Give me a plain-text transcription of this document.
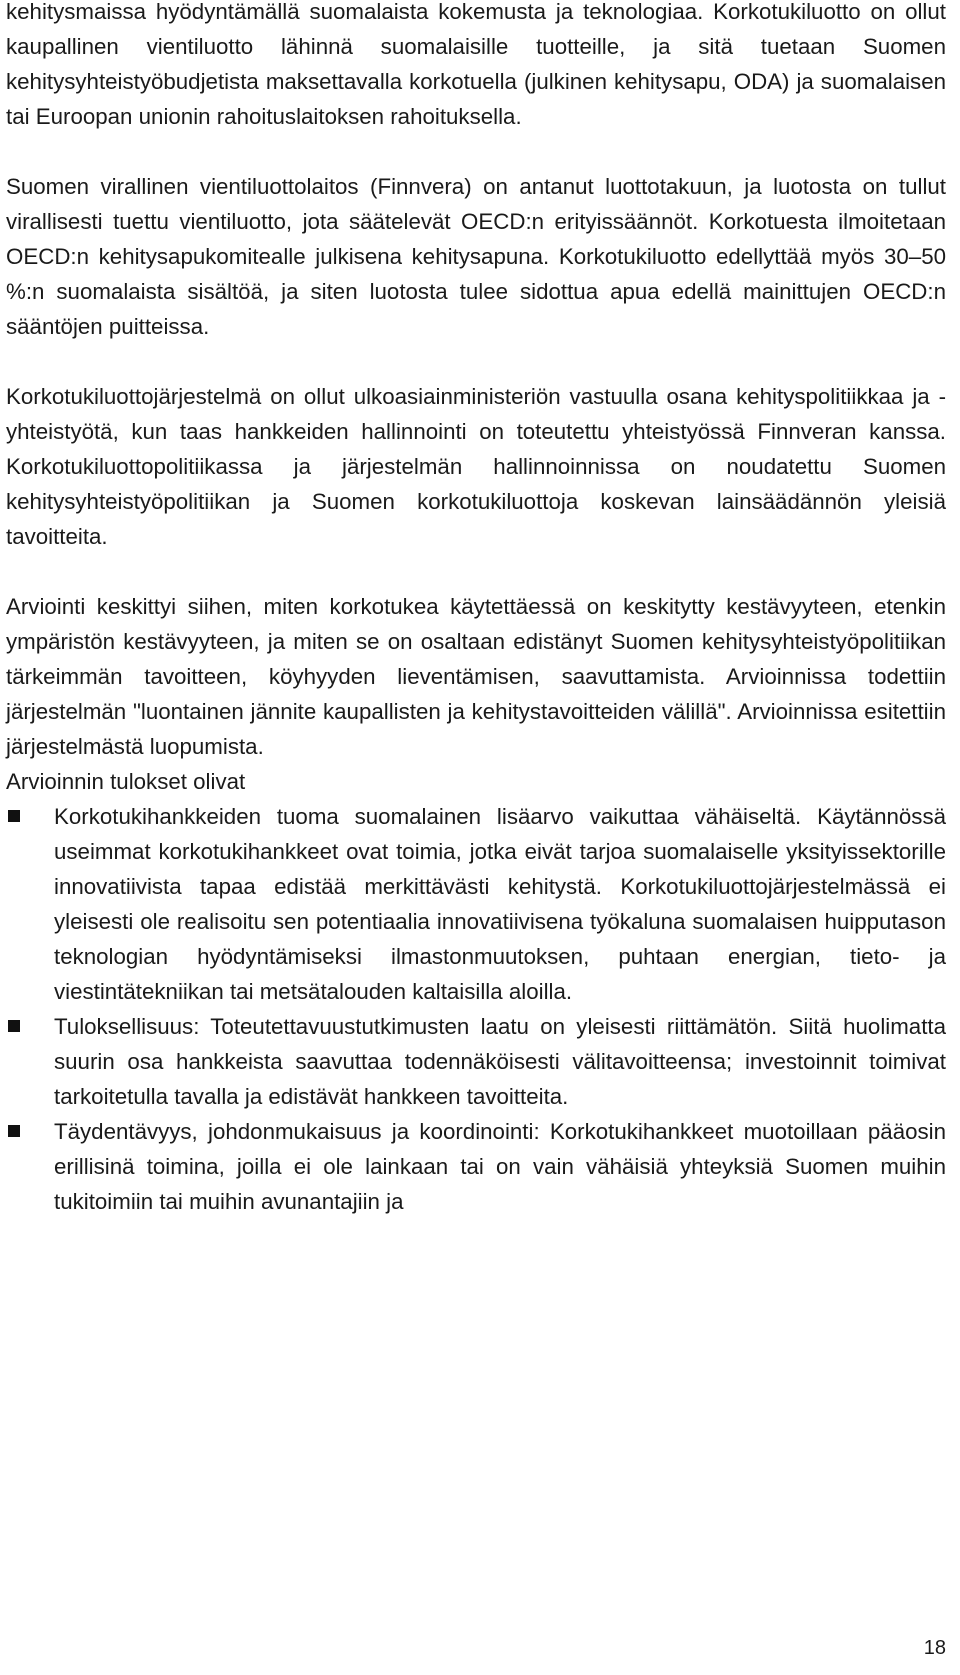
kehitysmaissa hyödyntämällä suomalaista kokemusta ja teknologiaa. Korkotukiluotto on ollut kaupallinen vientiluotto lähinnä suomalaisille tuotteille, ja sitä tuetaan Suomen kehitysyhteistyöbudjetista maksettavalla korkotuella (julkinen kehitysapu, ODA) ja suomalaisen tai Euroopan unionin rahoituslaitoksen rahoituksella.

Suomen virallinen vientiluottolaitos (Finnvera) on antanut luottotakuun, ja luotosta on tullut virallisesti tuettu vientiluotto, jota säätelevät OECD:n erityissäännöt. Korkotuesta ilmoitetaan OECD:n kehitysapukomitealle julkisena kehitysapuna. Korkotukiluotto edellyttää myös 30–50 %:n suomalaista sisältöä, ja siten luotosta tulee sidottua apua edellä mainittujen OECD:n sääntöjen puitteissa.

Korkotukiluottojärjestelmä on ollut ulkoasiainministeriön vastuulla osana kehityspolitiikkaa ja -yhteistyötä, kun taas hankkeiden hallinnointi on toteutettu yhteistyössä Finnveran kanssa. Korkotukiluottopolitiikassa ja järjestelmän hallinnoinnissa on noudatettu Suomen kehitysyhteistyöpolitiikan ja Suomen korkotukiluottoja koskevan lainsäädännön yleisiä tavoitteita.

Arviointi keskittyi siihen, miten korkotukea käytettäessä on keskitytty kestävyyteen, etenkin ympäristön kestävyyteen, ja miten se on osaltaan edistänyt Suomen kehitysyhteistyöpolitiikan tärkeimmän tavoitteen, köyhyyden lieventämisen, saavuttamista. Arvioinnissa todettiin järjestelmän "luontainen jännite kaupallisten ja kehitystavoitteiden välillä". Arvioinnissa esitettiin järjestelmästä luopumista.

Arvioinnin tulokset olivat

Korkotukihankkeiden tuoma suomalainen lisäarvo vaikuttaa vähäiseltä. Käytännössä useimmat korkotukihankkeet ovat toimia, jotka eivät tarjoa suomalaiselle yksityissektorille innovatiivista tapaa edistää merkittävästi kehitystä. Korkotukiluottojärjestelmässä ei yleisesti ole realisoitu sen potentiaalia innovatiivisena työkaluna suomalaisen huipputason teknologian hyödyntämiseksi ilmastonmuutoksen, puhtaan energian, tieto- ja viestintätekniikan tai metsätalouden kaltaisilla aloilla.

Tuloksellisuus: Toteutettavuustutkimusten laatu on yleisesti riittämätön. Siitä huolimatta suurin osa hankkeista saavuttaa todennäköisesti välitavoitteensa; investoinnit toimivat tarkoitetulla tavalla ja edistävät hankkeen tavoitteita.

Täydentävyys, johdonmukaisuus ja koordinointi: Korkotukihankkeet muotoillaan pääosin erillisinä toimina, joilla ei ole lainkaan tai on vain vähäisiä yhteyksiä Suomen muihin tukitoimiin tai muihin avunantajiin ja

18
